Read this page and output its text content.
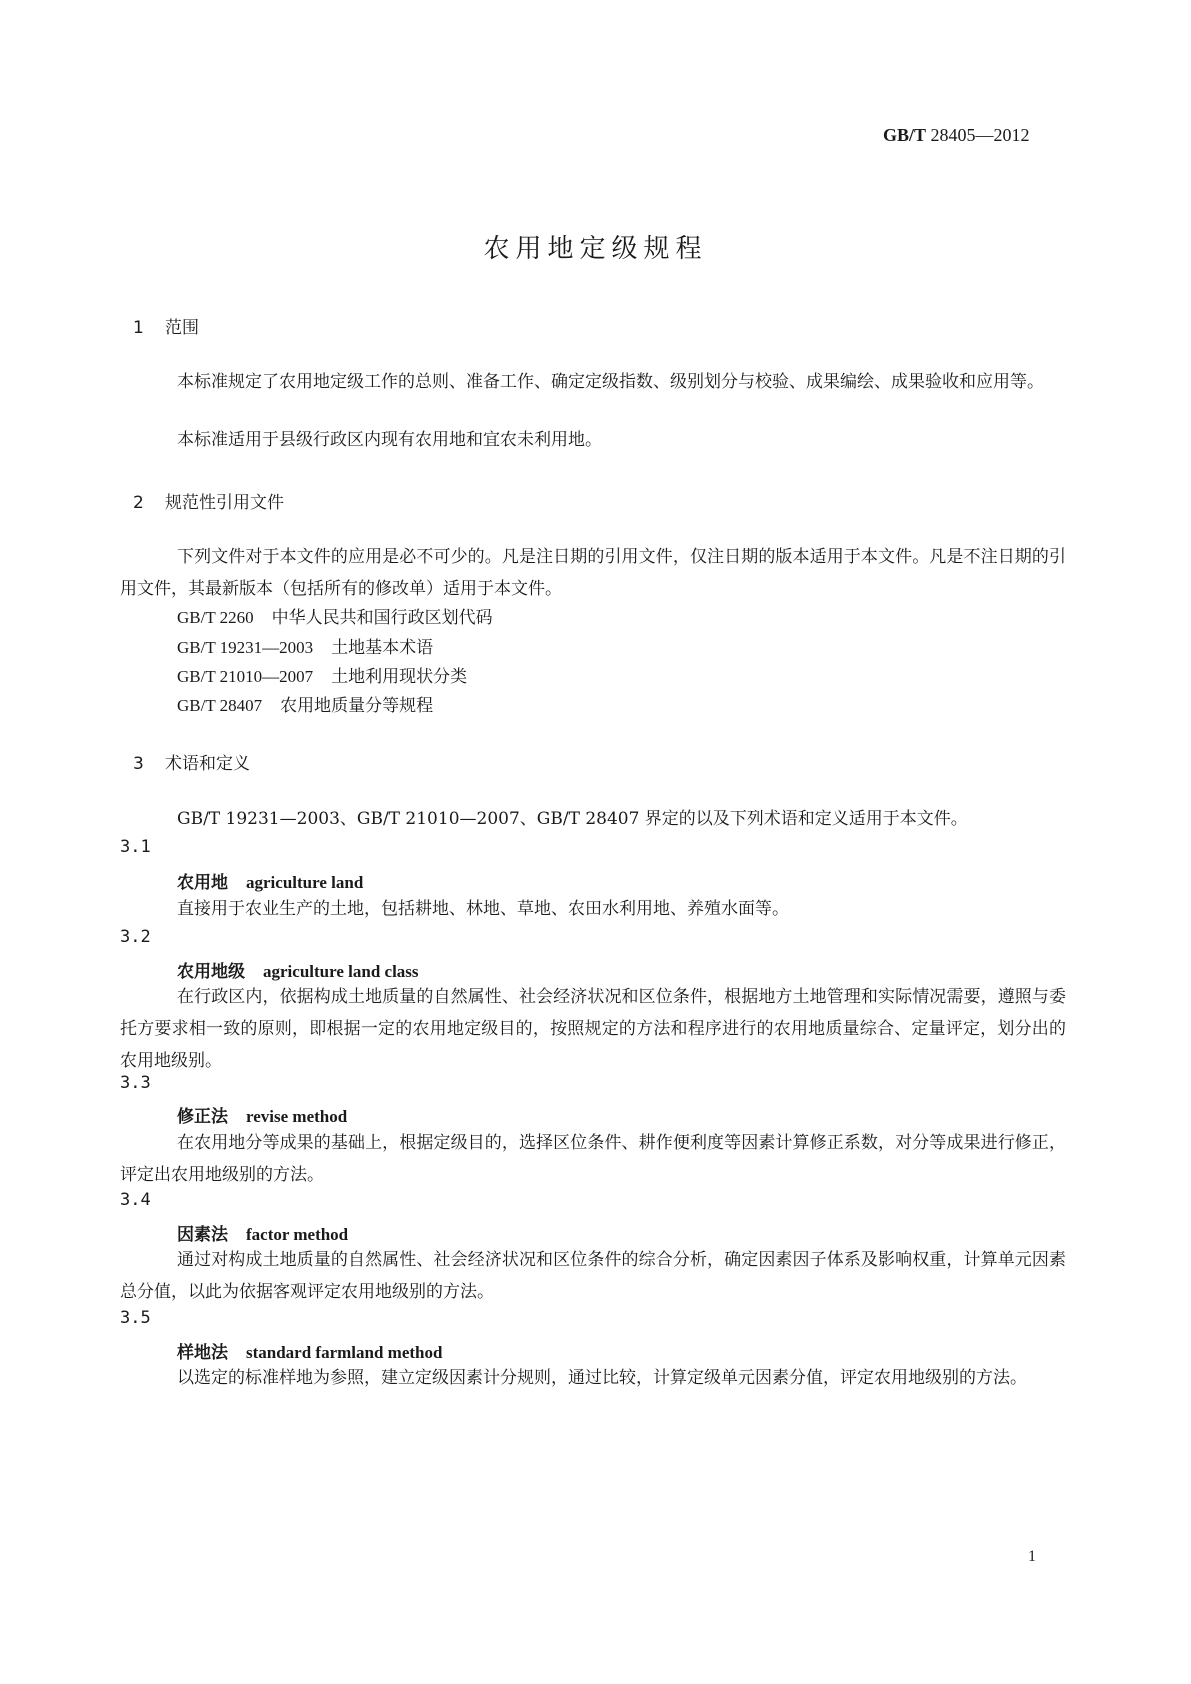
GB/T 28405—2012
农用地定级规程
1 范围
本标准规定了农用地定级工作的总则、准备工作、确定定级指数、级别划分与校验、成果编绘、成果验收和应用等。
本标准适用于县级行政区内现有农用地和宜农未利用地。
2 规范性引用文件
下列文件对于本文件的应用是必不可少的。凡是注日期的引用文件，仅注日期的版本适用于本文件。凡是不注日期的引用文件，其最新版本（包括所有的修改单）适用于本文件。
GB/T 2260 中华人民共和国行政区划代码
GB/T 19231—2003 土地基本术语
GB/T 21010—2007 土地利用现状分类
GB/T 28407 农用地质量分等规程
3 术语和定义
GB/T 19231—2003、GB/T 21010—2007、GB/T 28407 界定的以及下列术语和定义适用于本文件。
3.1
农用地 agriculture land
直接用于农业生产的土地，包括耕地、林地、草地、农田水利用地、养殖水面等。
3.2
农用地级 agriculture land class
在行政区内，依据构成土地质量的自然属性、社会经济状况和区位条件，根据地方土地管理和实际情况需要，遵照与委托方要求相一致的原则，即根据一定的农用地定级目的，按照规定的方法和程序进行的农用地质量综合、定量评定，划分出的农用地级别。
3.3
修正法 revise method
在农用地分等成果的基础上，根据定级目的，选择区位条件、耕作便利度等因素计算修正系数，对分等成果进行修正，评定出农用地级别的方法。
3.4
因素法 factor method
通过对构成土地质量的自然属性、社会经济状况和区位条件的综合分析，确定因素因子体系及影响权重，计算单元因素总分值，以此为依据客观评定农用地级别的方法。
3.5
样地法 standard farmland method
以选定的标准样地为参照，建立定级因素计分规则，通过比较，计算定级单元因素分值，评定农用地级别的方法。
1
